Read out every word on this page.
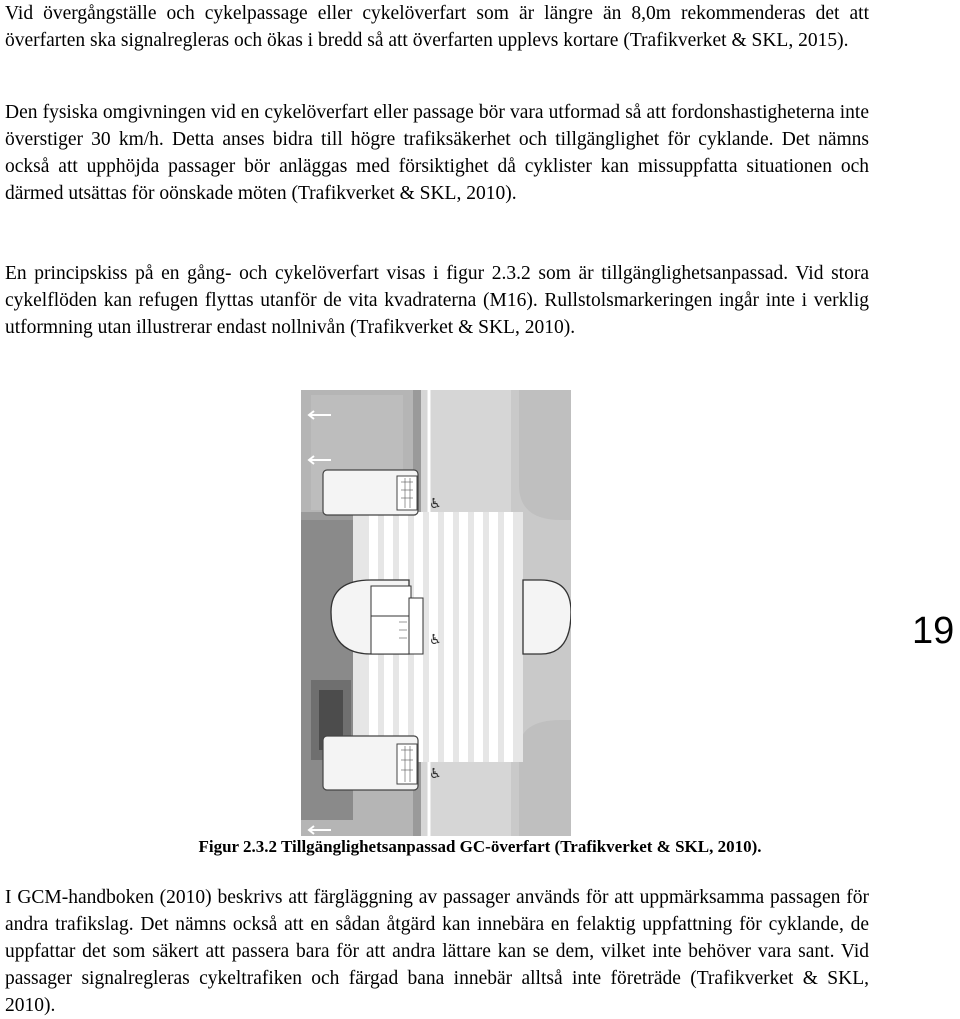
Vid övergångställe och cykelpassage eller cykelöverfart som är längre än 8,0m rekommenderas det att överfarten ska signalregleras och ökas i bredd så att överfarten upplevs kortare (Trafikverket & SKL, 2015).

Den fysiska omgivningen vid en cykelöverfart eller passage bör vara utformad så att fordonshastigheterna inte överstiger 30 km/h. Detta anses bidra till högre trafiksäkerhet och tillgänglighet för cyklande. Det nämns också att upphöjda passager bör anläggas med försiktighet då cyklister kan missuppfatta situationen och därmed utsättas för oönskade möten (Trafikverket & SKL, 2010).

En principskiss på en gång- och cykelöverfart visas i figur 2.3.2 som är tillgänglighetsanpassad. Vid stora cykelflöden kan refugen flyttas utanför de vita kvadraterna (M16). Rullstolsmarkeringen ingår inte i verklig utformning utan illustrerar endast nollnivån (Trafikverket & SKL, 2010).

19
♿
♿
♿
Figur 2.3.2 Tillgänglighetsanpassad GC-överfart (Trafikverket & SKL, 2010).

I GCM-handboken (2010) beskrivs att färgläggning av passager används för att uppmärksamma passagen för andra trafikslag. Det nämns också att en sådan åtgärd kan innebära en felaktig uppfattning för cyklande, de uppfattar det som säkert att passera bara för att andra lättare kan se dem, vilket inte behöver vara sant. Vid passager signalregleras cykeltrafiken och färgad bana innebär alltså inte företräde (Trafikverket & SKL, 2010).
